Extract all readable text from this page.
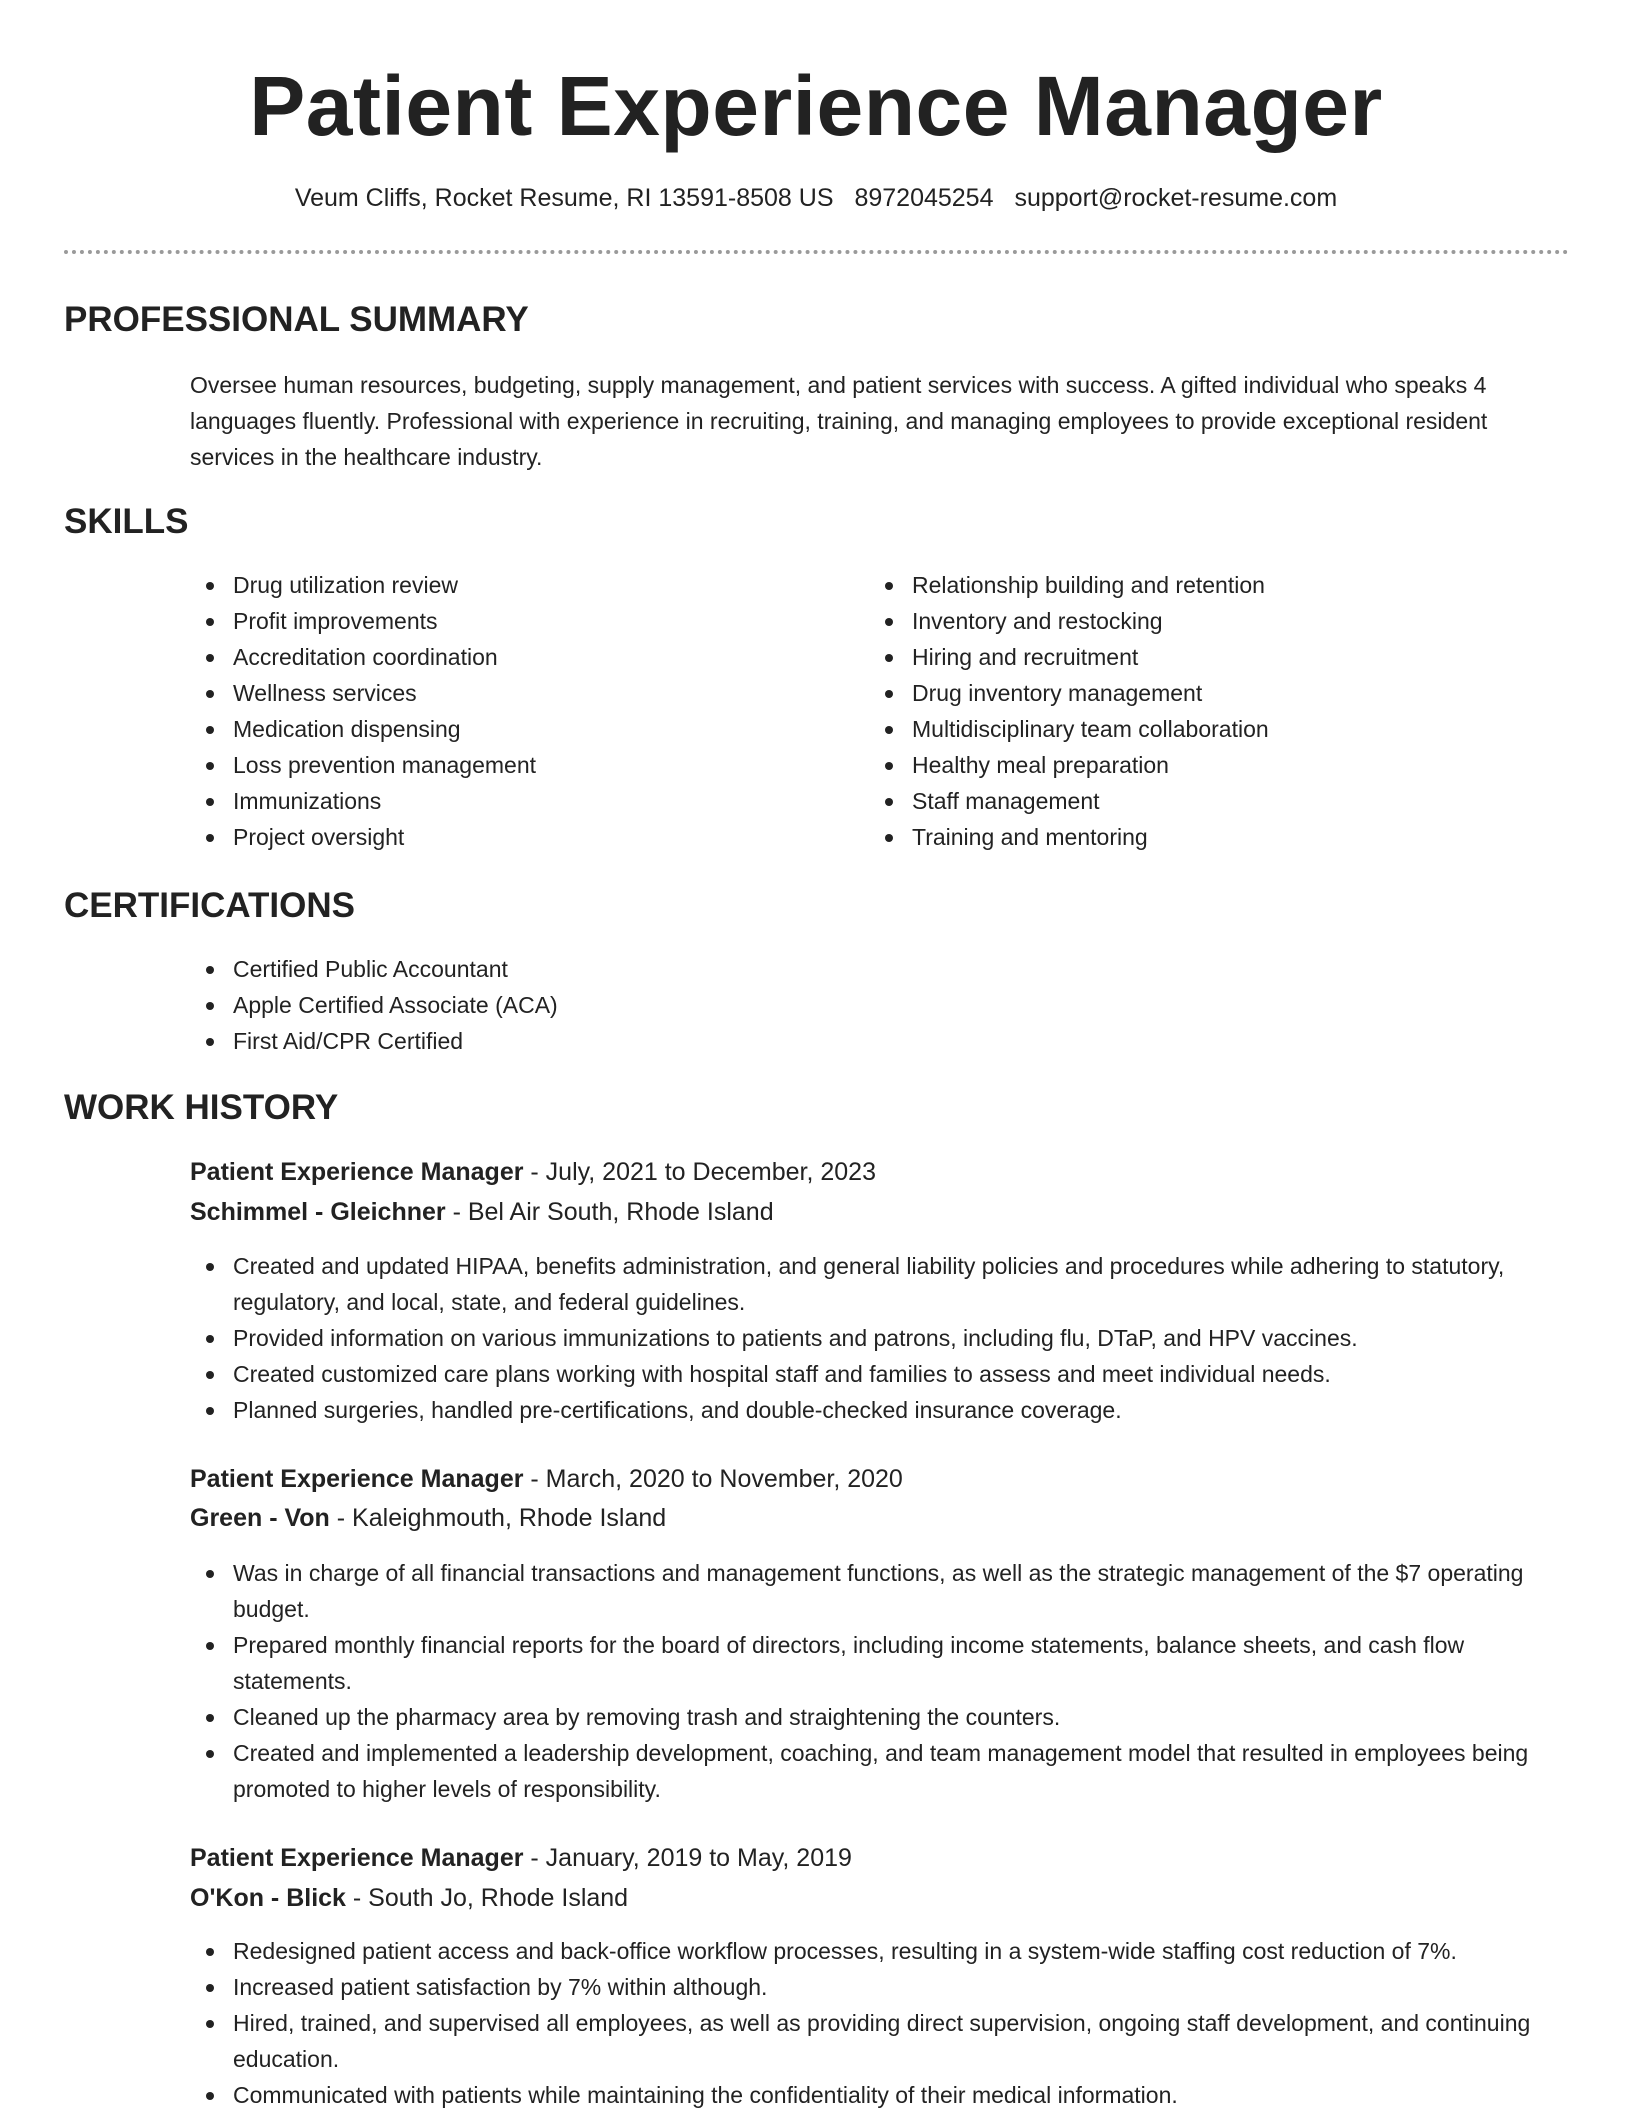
Patient Experience Manager
Veum Cliffs, Rocket Resume, RI 13591-8508 US 8972045254 support@rocket-resume.com
PROFESSIONAL SUMMARY

Oversee human resources, budgeting, supply management, and patient services with success. A gifted individual who speaks 4 languages fluently. Professional with experience in recruiting, training, and managing employees to provide exceptional resident services in the healthcare industry.

SKILLS
Drug utilization review
Profit improvements
Accreditation coordination
Wellness services
Medication dispensing
Loss prevention management
Immunizations
Project oversight
Relationship building and retention
Inventory and restocking
Hiring and recruitment
Drug inventory management
Multidisciplinary team collaboration
Healthy meal preparation
Staff management
Training and mentoring
CERTIFICATIONS
Certified Public Accountant
Apple Certified Associate (ACA)
First Aid/CPR Certified
WORK HISTORY
Patient Experience Manager - July, 2021 to December, 2023
Schimmel - Gleichner - Bel Air South, Rhode Island
Created and updated HIPAA, benefits administration, and general liability policies and procedures while adhering to statutory, regulatory, and local, state, and federal guidelines.
Provided information on various immunizations to patients and patrons, including flu, DTaP, and HPV vaccines.
Created customized care plans working with hospital staff and families to assess and meet individual needs.
Planned surgeries, handled pre-certifications, and double-checked insurance coverage.
Patient Experience Manager - March, 2020 to November, 2020
Green - Von - Kaleighmouth, Rhode Island
Was in charge of all financial transactions and management functions, as well as the strategic management of the $7 operating budget.
Prepared monthly financial reports for the board of directors, including income statements, balance sheets, and cash flow statements.
Cleaned up the pharmacy area by removing trash and straightening the counters.
Created and implemented a leadership development, coaching, and team management model that resulted in employees being promoted to higher levels of responsibility.
Patient Experience Manager - January, 2019 to May, 2019
O'Kon - Blick - South Jo, Rhode Island
Redesigned patient access and back-office workflow processes, resulting in a system-wide staffing cost reduction of 7%.
Increased patient satisfaction by 7% within although.
Hired, trained, and supervised all employees, as well as providing direct supervision, ongoing staff development, and continuing education.
Communicated with patients while maintaining the confidentiality of their medical information.
